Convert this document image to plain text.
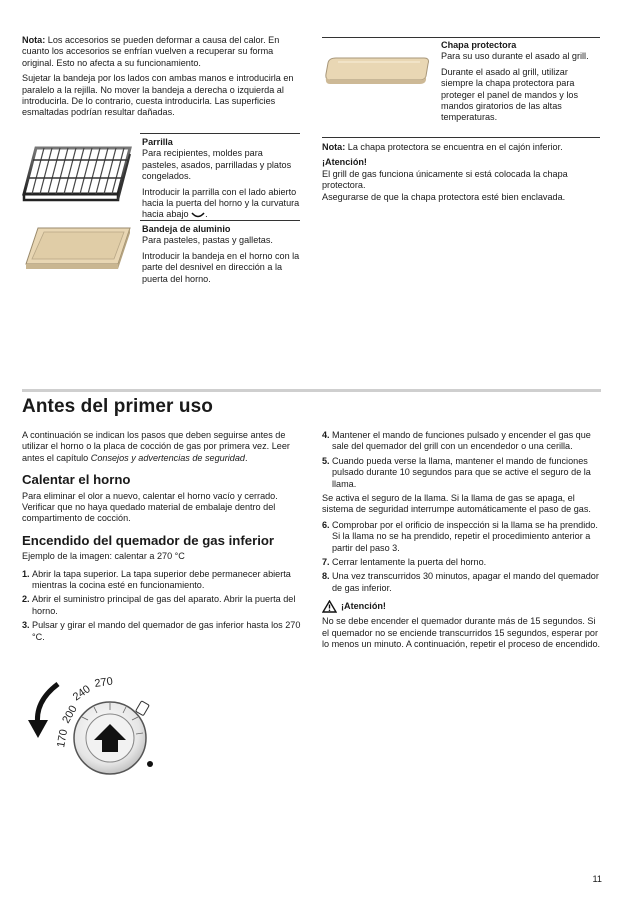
Nota: Los accesorios se pueden deformar a causa del calor. En cuanto los accesorios se enfrían vuelven a recuperar su forma original. Esto no afecta a su funcionamiento.

Sujetar la bandeja por los lados con ambas manos e introducirla en paralelo a la rejilla. No mover la bandeja a derecha o izquierda al introducirla. De lo contrario, cuesta introducirla. Las superficies esmaltadas podrían resultar dañadas.

Parrilla

Para recipientes, moldes para pasteles, asados, parrilladas y platos congelados.

Introducir la parrilla con el lado abierto hacia la puerta del horno y la curvatura hacia abajo .

Bandeja de aluminio

Para pasteles, pastas y galletas.

Introducir la bandeja en el horno con la parte del desnivel en dirección a la puerta del horno.

Chapa protectora

Para su uso durante el asado al grill.

Durante el asado al grill, utilizar siempre la chapa protectora para proteger el panel de mandos y los mandos giratorios de las altas temperaturas.

Nota: La chapa protectora se encuentra en el cajón inferior.

¡Atención!

El grill de gas funciona únicamente si está colocada la chapa protectora.

Asegurarse de que la chapa protectora esté bien enclavada.

Antes del primer uso

A continuación se indican los pasos que deben seguirse antes de utilizar el horno o la placa de cocción de gas por primera vez. Leer antes el capítulo Consejos y advertencias de seguridad.

Calentar el horno

Para eliminar el olor a nuevo, calentar el horno vacío y cerrado. Verificar que no haya quedado material de embalaje dentro del compartimento de cocción.

Encendido del quemador de gas inferior

Ejemplo de la imagen: calentar a 270 °C

1. Abrir la tapa superior. La tapa superior debe permanecer abierta mientras la cocina esté en funcionamiento.
2. Abrir el suministro principal de gas del aparato. Abrir la puerta del horno.
3. Pulsar y girar el mando del quemador de gas inferior hasta los 270 °C.
170
200
240
270
4. Mantener el mando de funciones pulsado y encender el gas que sale del quemador del grill con un encendedor o una cerilla.
5. Cuando pueda verse la llama, mantener el mando de funciones pulsado durante 10 segundos para que se active el seguro de la llama.

Se activa el seguro de la llama. Si la llama de gas se apaga, el sistema de seguridad interrumpe automáticamente el paso de gas.

6. Comprobar por el orificio de inspección si la llama se ha prendido. Si la llama no se ha prendido, repetir el procedimiento anterior a partir del paso 3.
7. Cerrar lentamente la puerta del horno.
8. Una vez transcurridos 30 minutos, apagar el mando del quemador de gas inferior.

¡Atención!

No se debe encender el quemador durante más de 15 segundos. Si el quemador no se enciende transcurridos 15 segundos, esperar por lo menos un minuto. A continuación, repetir el proceso de encendido.

11
